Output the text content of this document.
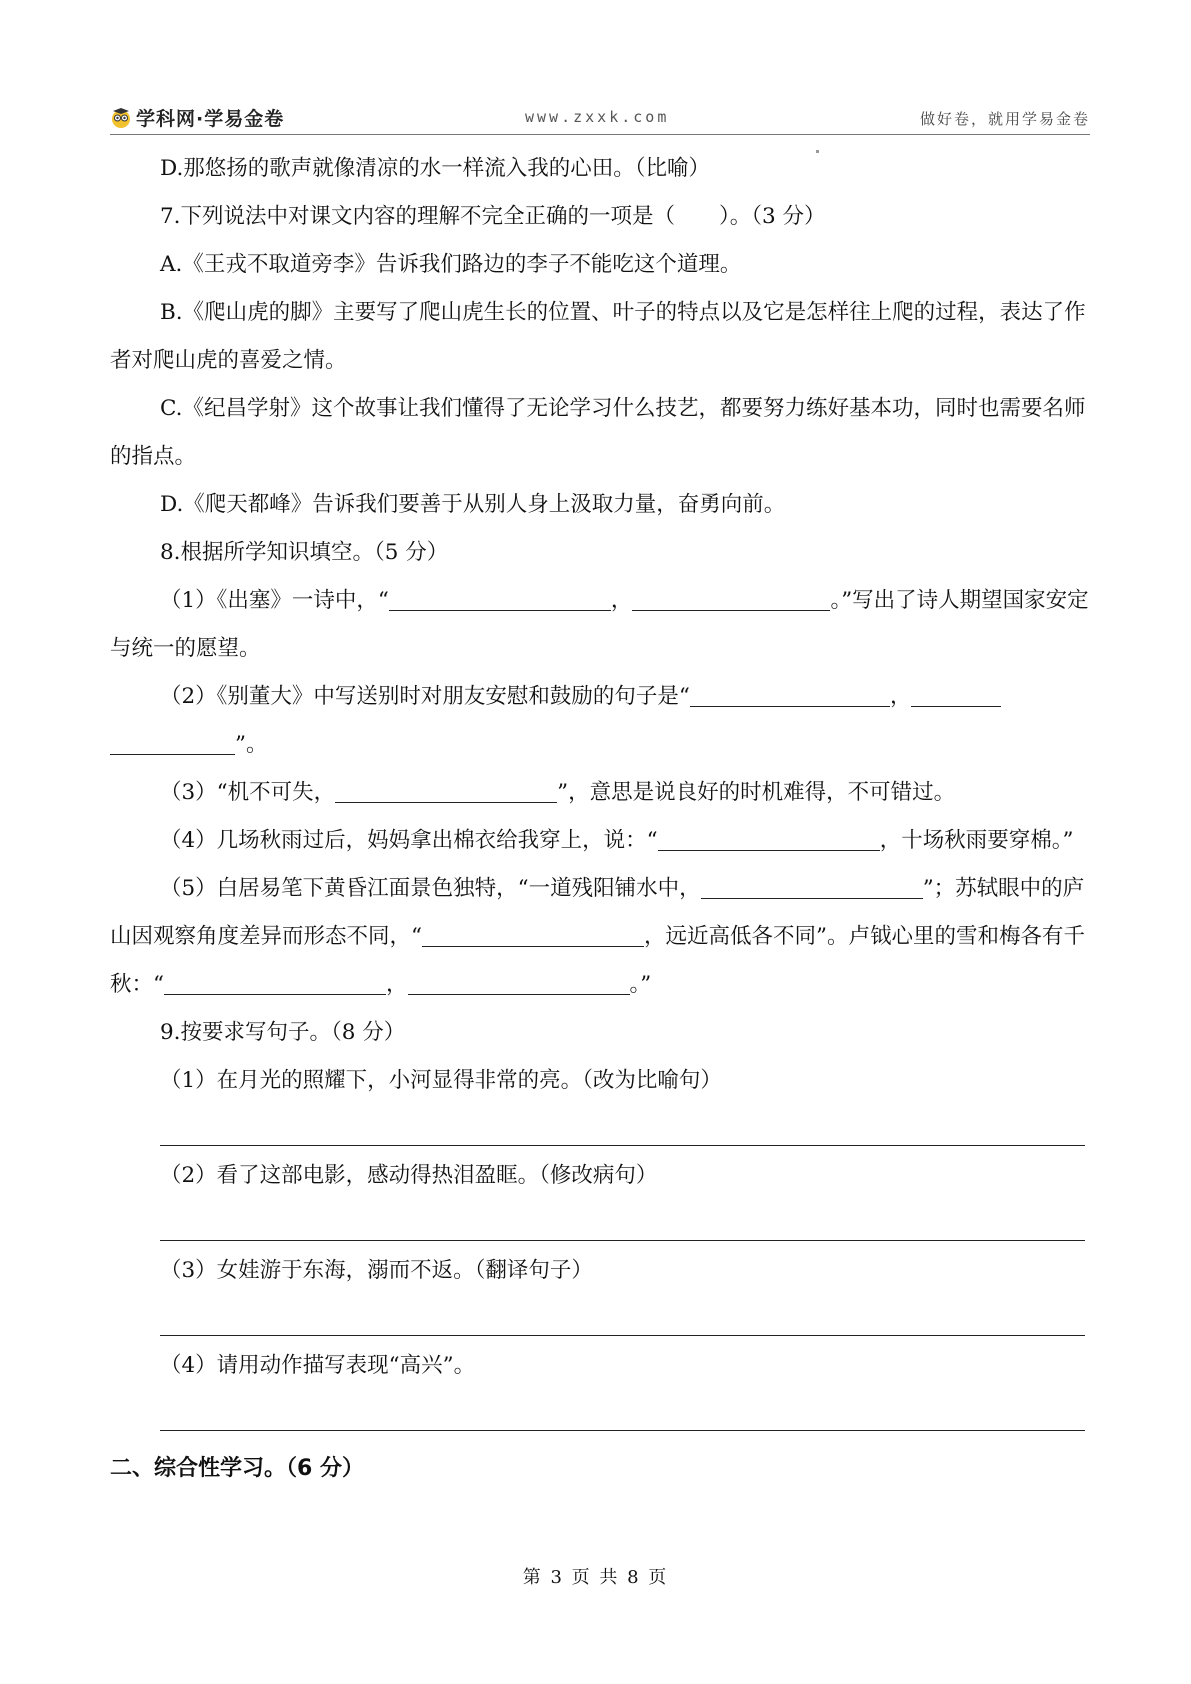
学科网·学易金卷	www.zxxk.com	做好卷，就用学易金卷

D.那悠扬的歌声就像清凉的水一样流入我的心田。（比喻）

7.下列说法中对课文内容的理解不完全正确的一项是（ ）。（3 分）

A.《王戎不取道旁李》告诉我们路边的李子不能吃这个道理。

B.《爬山虎的脚》主要写了爬山虎生长的位置、叶子的特点以及它是怎样往上爬的过程，表达了作者对爬山虎的喜爱之情。

C.《纪昌学射》这个故事让我们懂得了无论学习什么技艺，都要努力练好基本功，同时也需要名师的指点。

D.《爬天都峰》告诉我们要善于从别人身上汲取力量，奋勇向前。

8.根据所学知识填空。（5 分）

（1）《出塞》一诗中，“	，	。”写出了诗人期望国家安定与统一的愿望。

（2）《别董大》中写送别时对朋友安慰和鼓励的句子是“	，”。

（3）“机不可失，	”，意思是说良好的时机难得，不可错过。

（4）几场秋雨过后，妈妈拿出棉衣给我穿上，说：“	，十场秋雨要穿棉。”

（5）白居易笔下黄昏江面景色独特，“一道残阳铺水中，	”；苏轼眼中的庐山因观察角度差异而形态不同，“	，远近高低各不同”。卢钺心里的雪和梅各有千秋：“	，	。”

9.按要求写句子。（8 分）

（1）在月光的照耀下，小河显得非常的亮。（改为比喻句）

（2）看了这部电影，感动得热泪盈眶。（修改病句）

（3）女娃游于东海，溺而不返。（翻译句子）

（4）请用动作描写表现“高兴”。

二、综合性学习。（6 分）

第 3 页 共 8 页
